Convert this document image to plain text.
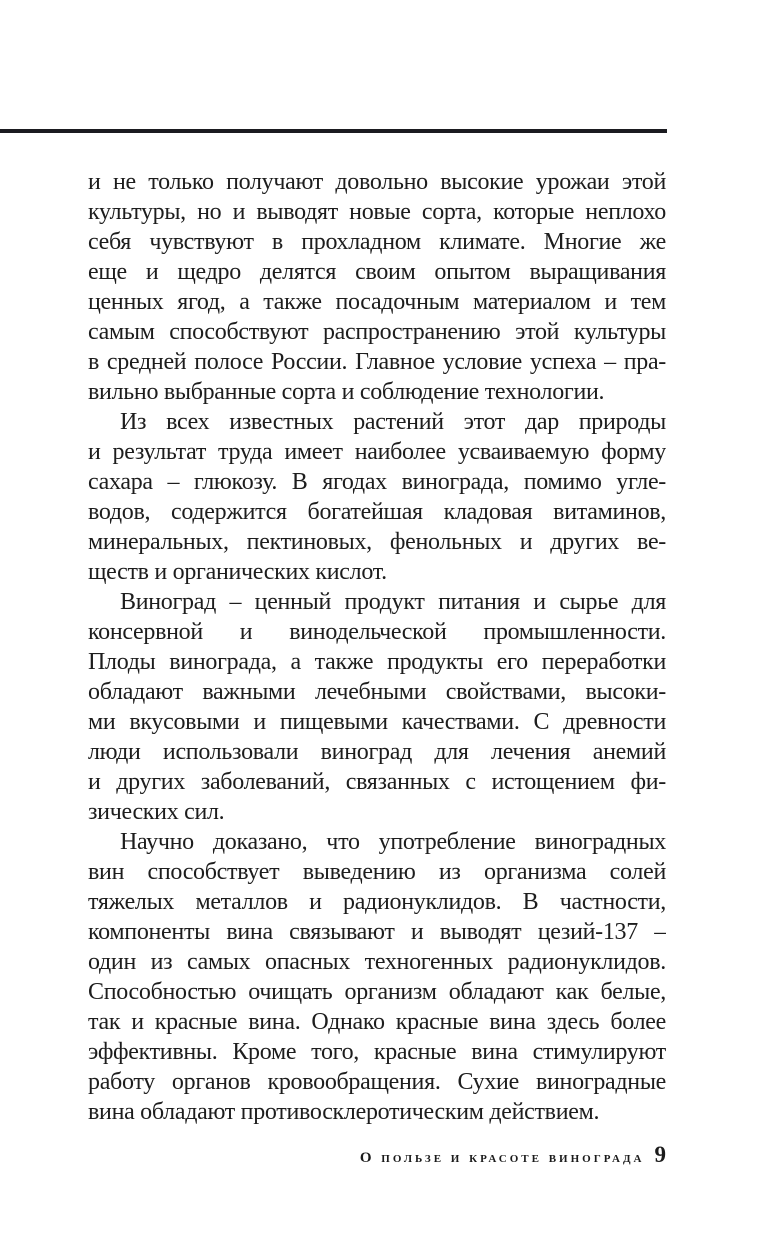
и не только получают довольно высокие урожаи этой
культуры, но и выводят новые сорта, которые неплохо
себя чувствуют в прохладном климате. Многие же
еще и щедро делятся своим опытом выращивания
ценных ягод, а также посадочным материалом и тем
самым способствуют распространению этой культуры
в средней полосе России. Главное условие успеха – пра-
вильно выбранные сорта и соблюдение технологии.
Из всех известных растений этот дар природы
и результат труда имеет наиболее усваиваемую форму
сахара – глюкозу. В ягодах винограда, помимо угле-
водов, содержится богатейшая кладовая витаминов,
минеральных, пектиновых, фенольных и других ве-
ществ и органических кислот.
Виноград – ценный продукт питания и сырье для
консервной и винодельческой промышленности.
Плоды винограда, а также продукты его переработки
обладают важными лечебными свойствами, высоки-
ми вкусовыми и пищевыми качествами. С древности
люди использовали виноград для лечения анемий
и других заболеваний, связанных с истощением фи-
зических сил.
Научно доказано, что употребление виноградных
вин способствует выведению из организма солей
тяжелых металлов и радионуклидов. В частности,
компоненты вина связывают и выводят цезий-137 –
один из самых опасных техногенных радионуклидов.
Способностью очищать организм обладают как белые,
так и красные вина. Однако красные вина здесь более
эффективны. Кроме того, красные вина стимулируют
работу органов кровообращения. Сухие виноградные
вина обладают противосклеротическим действием.
О пользе и красоте винограда 9
